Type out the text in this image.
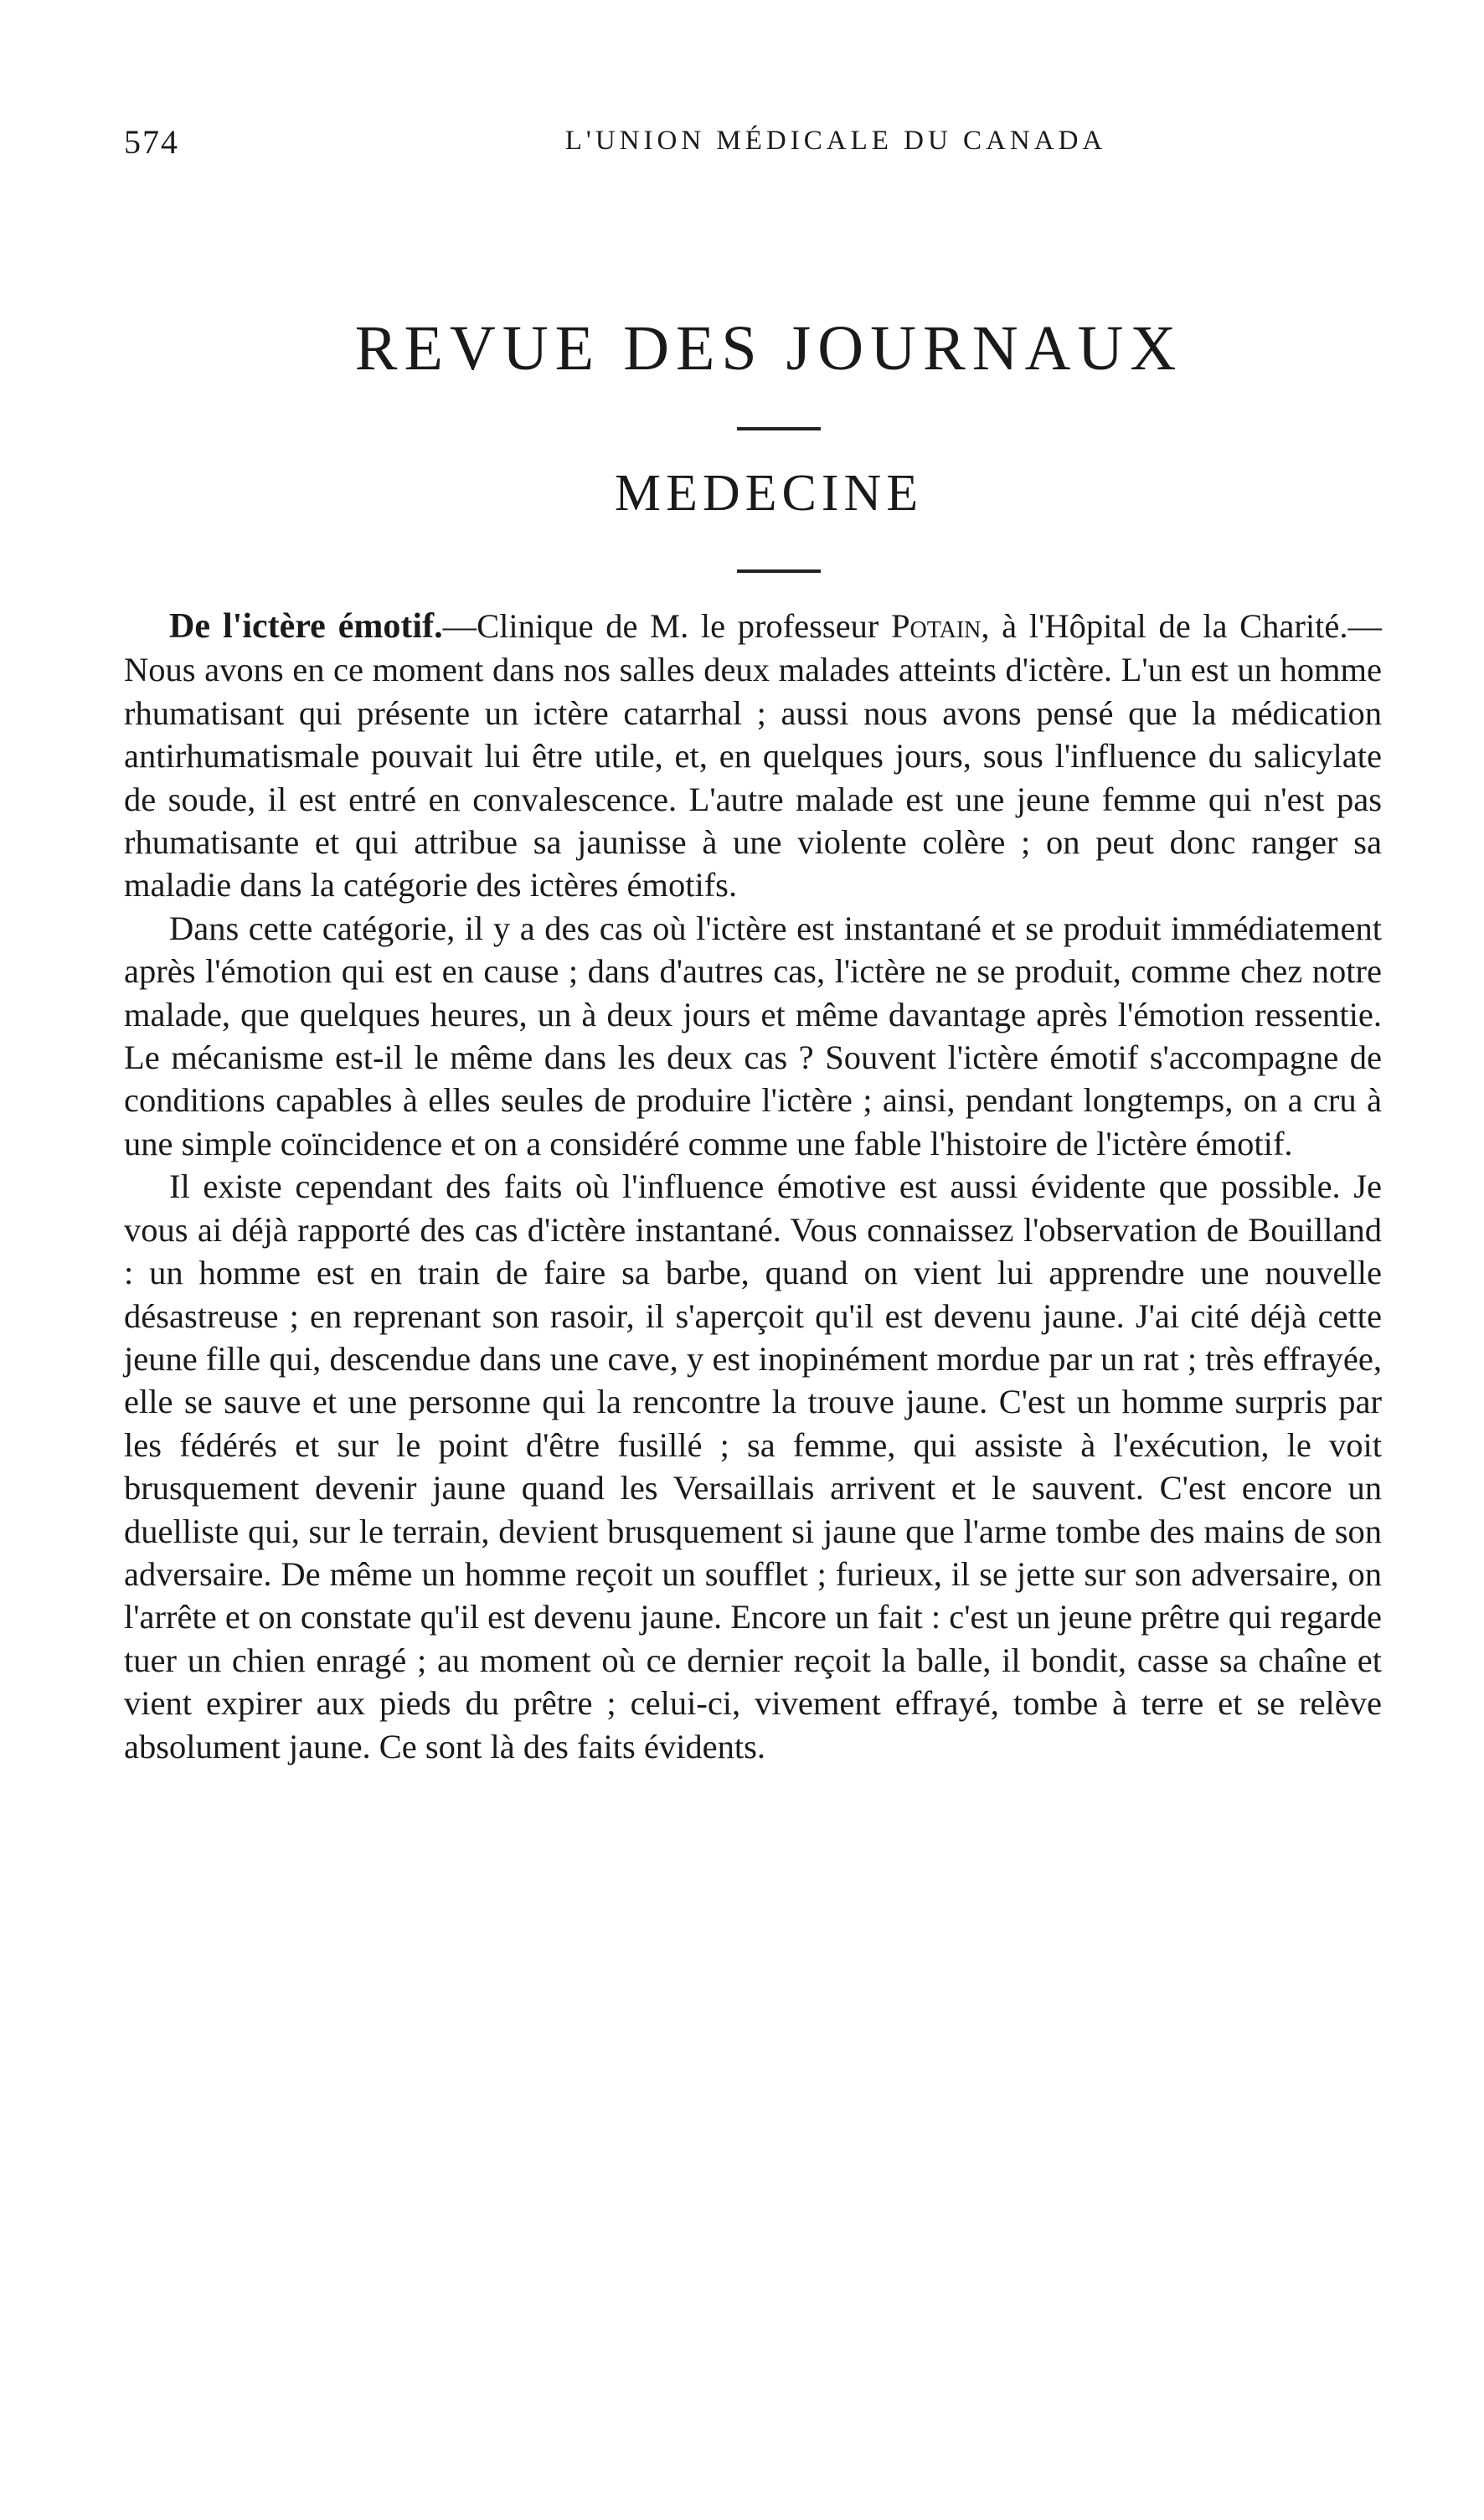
574	L'UNION MÉDICALE DU CANADA
REVUE DES JOURNAUX
MEDECINE

De l'ictère émotif.—Clinique de M. le professeur Potain, à l'Hôpital de la Charité.—Nous avons en ce moment dans nos salles deux malades atteints d'ictère. L'un est un homme rhumatisant qui présente un ictère catarrhal ; aussi nous avons pensé que la médication antirhumatismale pouvait lui être utile, et, en quelques jours, sous l'influence du salicylate de soude, il est entré en convalescence. L'autre malade est une jeune femme qui n'est pas rhumatisante et qui attribue sa jaunisse à une violente colère ; on peut donc ranger sa maladie dans la catégorie des ictères émotifs.

Dans cette catégorie, il y a des cas où l'ictère est instantané et se produit immédiatement après l'émotion qui est en cause ; dans d'autres cas, l'ictère ne se produit, comme chez notre malade, que quelques heures, un à deux jours et même davantage après l'émotion ressentie. Le mécanisme est-il le même dans les deux cas ? Souvent l'ictère émotif s'accompagne de conditions capables à elles seules de produire l'ictère ; ainsi, pendant longtemps, on a cru à une simple coïncidence et on a considéré comme une fable l'histoire de l'ictère émotif.

Il existe cependant des faits où l'influence émotive est aussi évidente que possible. Je vous ai déjà rapporté des cas d'ictère instantané. Vous connaissez l'observation de Bouilland : un homme est en train de faire sa barbe, quand on vient lui apprendre une nouvelle désastreuse ; en reprenant son rasoir, il s'aperçoit qu'il est devenu jaune. J'ai cité déjà cette jeune fille qui, descendue dans une cave, y est inopinément mordue par un rat ; très effrayée, elle se sauve et une personne qui la rencontre la trouve jaune. C'est un homme surpris par les fédérés et sur le point d'être fusillé ; sa femme, qui assiste à l'exécution, le voit brusquement devenir jaune quand les Versaillais arrivent et le sauvent. C'est encore un duelliste qui, sur le terrain, devient brusquement si jaune que l'arme tombe des mains de son adversaire. De même un homme reçoit un soufflet ; furieux, il se jette sur son adversaire, on l'arrête et on constate qu'il est devenu jaune. Encore un fait : c'est un jeune prêtre qui regarde tuer un chien enragé ; au moment où ce dernier reçoit la balle, il bondit, casse sa chaîne et vient expirer aux pieds du prêtre ; celui-ci, vivement effrayé, tombe à terre et se relève absolument jaune. Ce sont là des faits évidents.
